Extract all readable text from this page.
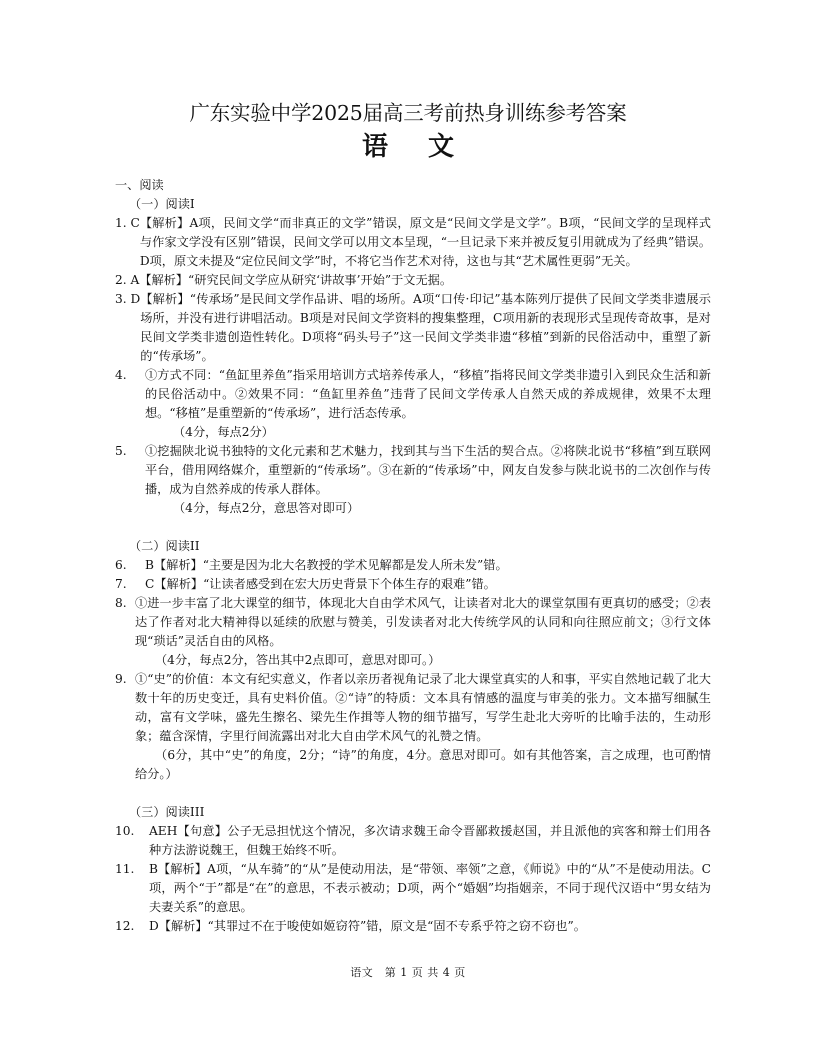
广东实验中学2025届高三考前热身训练参考答案
语文

一、阅读

（一）阅读I

1. C 【解析】A项，民间文学“而非真正的文学”错误，原文是“民间文学是文学”。B项，“民间文学的呈现样式与作家文学没有区别”错误，民间文学可以用文本呈现，“一旦记录下来并被反复引用就成为了经典”错误。D项，原文未提及“定位民间文学”时，不将它当作艺术对待，这也与其“艺术属性更弱”无关。
2. A 【解析】“研究民间文学应从研究‘讲故事’开始”于文无据。
3. D 【解析】“传承场”是民间文学作品讲、唱的场所。A项“口传·印记”基本陈列厅提供了民间文学类非遗展示场所，并没有进行讲唱活动。B项是对民间文学资料的搜集整理，C项用新的表现形式呈现传奇故事，是对民间文学类非遗创造性转化。D项将“码头号子”这一民间文学类非遗“移植”到新的民俗活动中，重塑了新的“传承场”。
4.	①方式不同：“鱼缸里养鱼”指采用培训方式培养传承人，“移植”指将民间文学类非遗引入到民众生活和新的民俗活动中。②效果不同：“鱼缸里养鱼”违背了民间文学传承人自然天成的养成规律，效果不太理想。“移植”是重塑新的“传承场”，进行活态传承。

（4分，每点2分）

5.	①挖掘陕北说书独特的文化元素和艺术魅力，找到其与当下生活的契合点。②将陕北说书“移植”到互联网平台，借用网络媒介，重塑新的“传承场”。③在新的“传承场”中，网友自发参与陕北说书的二次创作与传播，成为自然养成的传承人群体。

（4分，每点2分，意思答对即可）

（二）阅读II

6.	B【解析】“主要是因为北大名教授的学术见解都是发人所未发”错。
7.	C【解析】“让读者感受到在宏大历史背景下个体生存的艰难”错。
8. ①进一步丰富了北大课堂的细节，体现北大自由学术风气，让读者对北大的课堂氛围有更真切的感受；②表达了作者对北大精神得以延续的欣慰与赞美，引发读者对北大传统学风的认同和向往照应前文；③行文体现“琐话”灵活自由的风格。

（4分，每点2分，答出其中2点即可，意思对即可。）

9. ①“史”的价值：本文有纪实意义，作者以亲历者视角记录了北大课堂真实的人和事，平实自然地记载了北大数十年的历史变迁，具有史料价值。②“诗”的特质：文本具有情感的温度与审美的张力。文本描写细腻生动，富有文学味，盛先生擦名、梁先生作揖等人物的细节描写，写学生赴北大旁听的比喻手法的，生动形象；蕴含深情，字里行间流露出对北大自由学术风气的礼赞之情。
（6分，其中“史”的角度，2分；“诗”的角度，4分。意思对即可。如有其他答案，言之成理，也可酌情给分。）

（三）阅读III

10.	AEH【句意】公子无忌担忧这个情况，多次请求魏王命令晋鄙救援赵国，并且派他的宾客和辩士们用各种方法游说魏王，但魏王始终不听。
11.	B【解析】A项，“从车骑”的“从”是使动用法，是“带领、率领”之意，《师说》中的“从”不是使动用法。C项，两个“于”都是“在”的意思，不表示被动；D项，两个“婚姻”均指姻亲，不同于现代汉语中“男女结为夫妻关系”的意思。
12.	D【解析】“其罪过不在于唆使如姬窃符”错，原文是“固不专系乎符之窃不窃也”。
语文　第 1 页 共 4 页
